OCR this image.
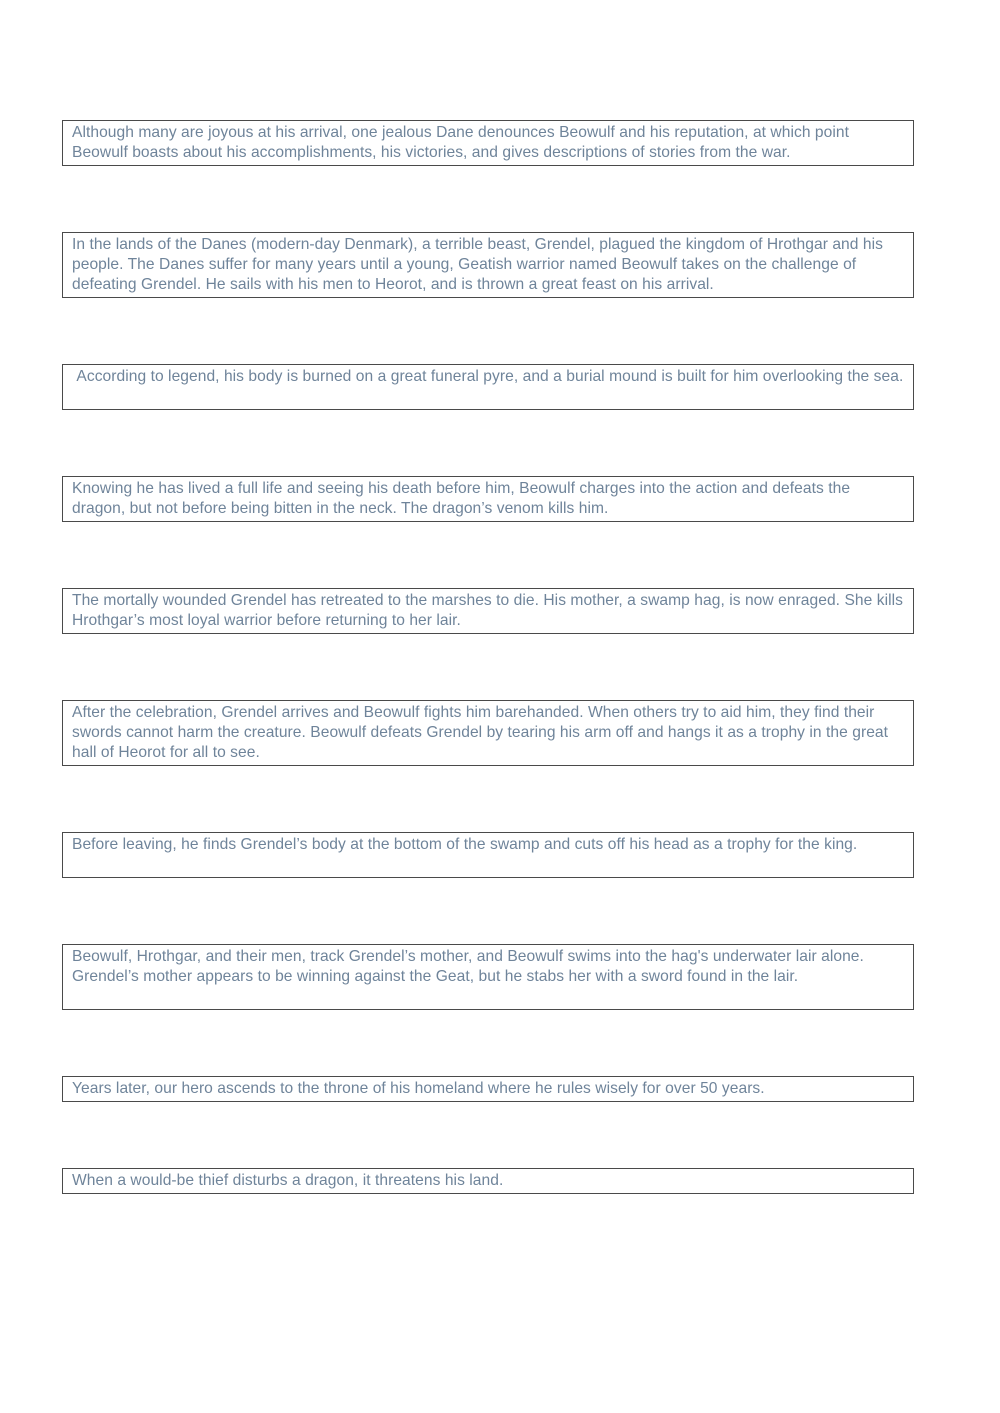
Although many are joyous at his arrival, one jealous Dane denounces Beowulf and his reputation, at which point Beowulf boasts about his accomplishments, his victories, and gives descriptions of stories from the war.
In the lands of the Danes (modern-day Denmark), a terrible beast, Grendel, plagued the kingdom of Hrothgar and his people. The Danes suffer for many years until a young, Geatish warrior named Beowulf takes on the challenge of defeating Grendel. He sails with his men to Heorot, and is thrown a great feast on his arrival.
According to legend, his body is burned on a great funeral pyre, and a burial mound is built for him overlooking the sea.
Knowing he has lived a full life and seeing his death before him, Beowulf charges into the action and defeats the dragon, but not before being bitten in the neck. The dragon’s venom kills him.
The mortally wounded Grendel has retreated to the marshes to die. His mother, a swamp hag, is now enraged. She kills Hrothgar’s most loyal warrior before returning to her lair.
After the celebration, Grendel arrives and Beowulf fights him barehanded. When others try to aid him, they find their swords cannot harm the creature. Beowulf defeats Grendel by tearing his arm off and hangs it as a trophy in the great hall of Heorot for all to see.
Before leaving, he finds Grendel’s body at the bottom of the swamp and cuts off his head as a trophy for the king.
Beowulf, Hrothgar, and their men, track Grendel’s mother, and Beowulf swims into the hag's underwater lair alone. Grendel’s mother appears to be winning against the Geat, but he stabs her with a sword found in the lair.
Years later, our hero ascends to the throne of his homeland where he rules wisely for over 50 years.
When a would-be thief disturbs a dragon, it threatens his land.
